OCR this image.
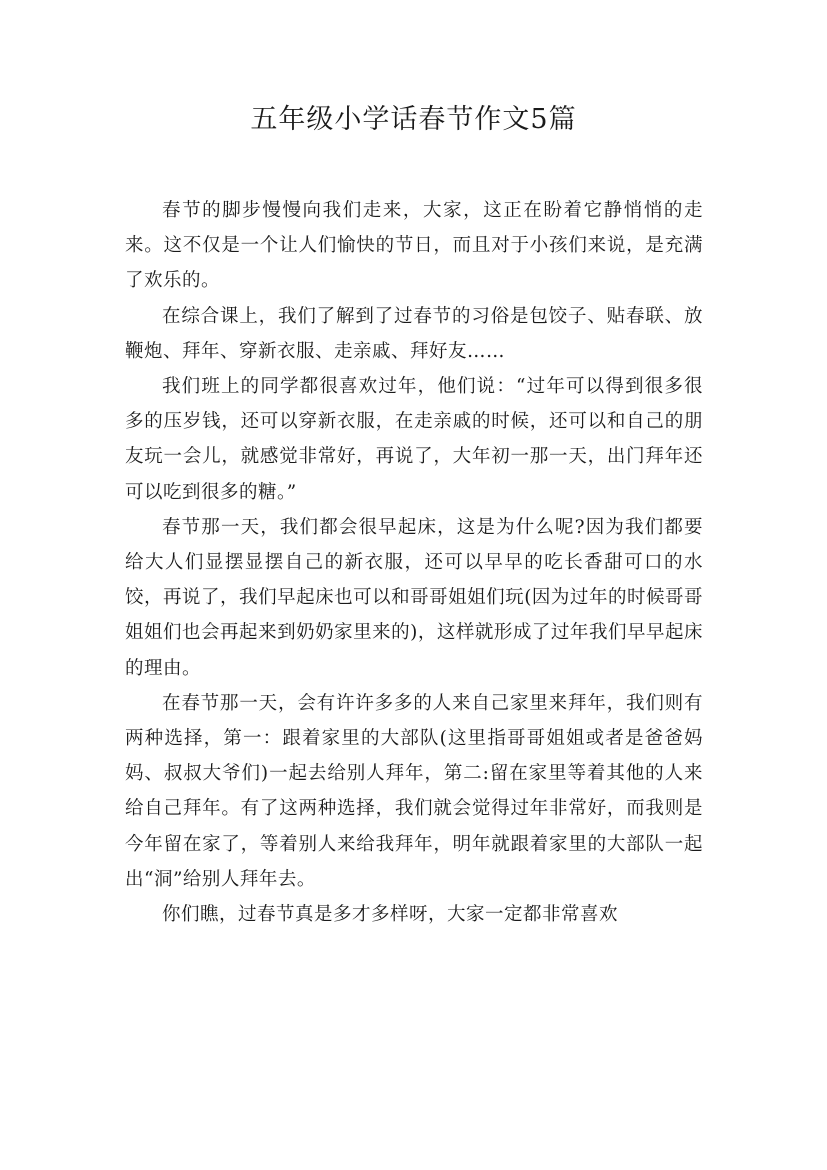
五年级小学话春节作文5篇

春节的脚步慢慢向我们走来，大家，这正在盼着它静悄悄的走来。这不仅是一个让人们愉快的节日，而且对于小孩们来说，是充满了欢乐的。

在综合课上，我们了解到了过春节的习俗是包饺子、贴春联、放鞭炮、拜年、穿新衣服、走亲戚、拜好友……

我们班上的同学都很喜欢过年，他们说：“过年可以得到很多很多的压岁钱，还可以穿新衣服，在走亲戚的时候，还可以和自己的朋友玩一会儿，就感觉非常好，再说了，大年初一那一天，出门拜年还可以吃到很多的糖。”

春节那一天，我们都会很早起床，这是为什么呢?因为我们都要给大人们显摆显摆自己的新衣服，还可以早早的吃长香甜可口的水饺，再说了，我们早起床也可以和哥哥姐姐们玩(因为过年的时候哥哥姐姐们也会再起来到奶奶家里来的)，这样就形成了过年我们早早起床的理由。

在春节那一天，会有许许多多的人来自己家里来拜年，我们则有两种选择，第一：跟着家里的大部队(这里指哥哥姐姐或者是爸爸妈妈、叔叔大爷们)一起去给别人拜年，第二:留在家里等着其他的人来给自己拜年。有了这两种选择，我们就会觉得过年非常好，而我则是今年留在家了，等着别人来给我拜年，明年就跟着家里的大部队一起出“洞”给别人拜年去。

你们瞧，过春节真是多才多样呀，大家一定都非常喜欢
